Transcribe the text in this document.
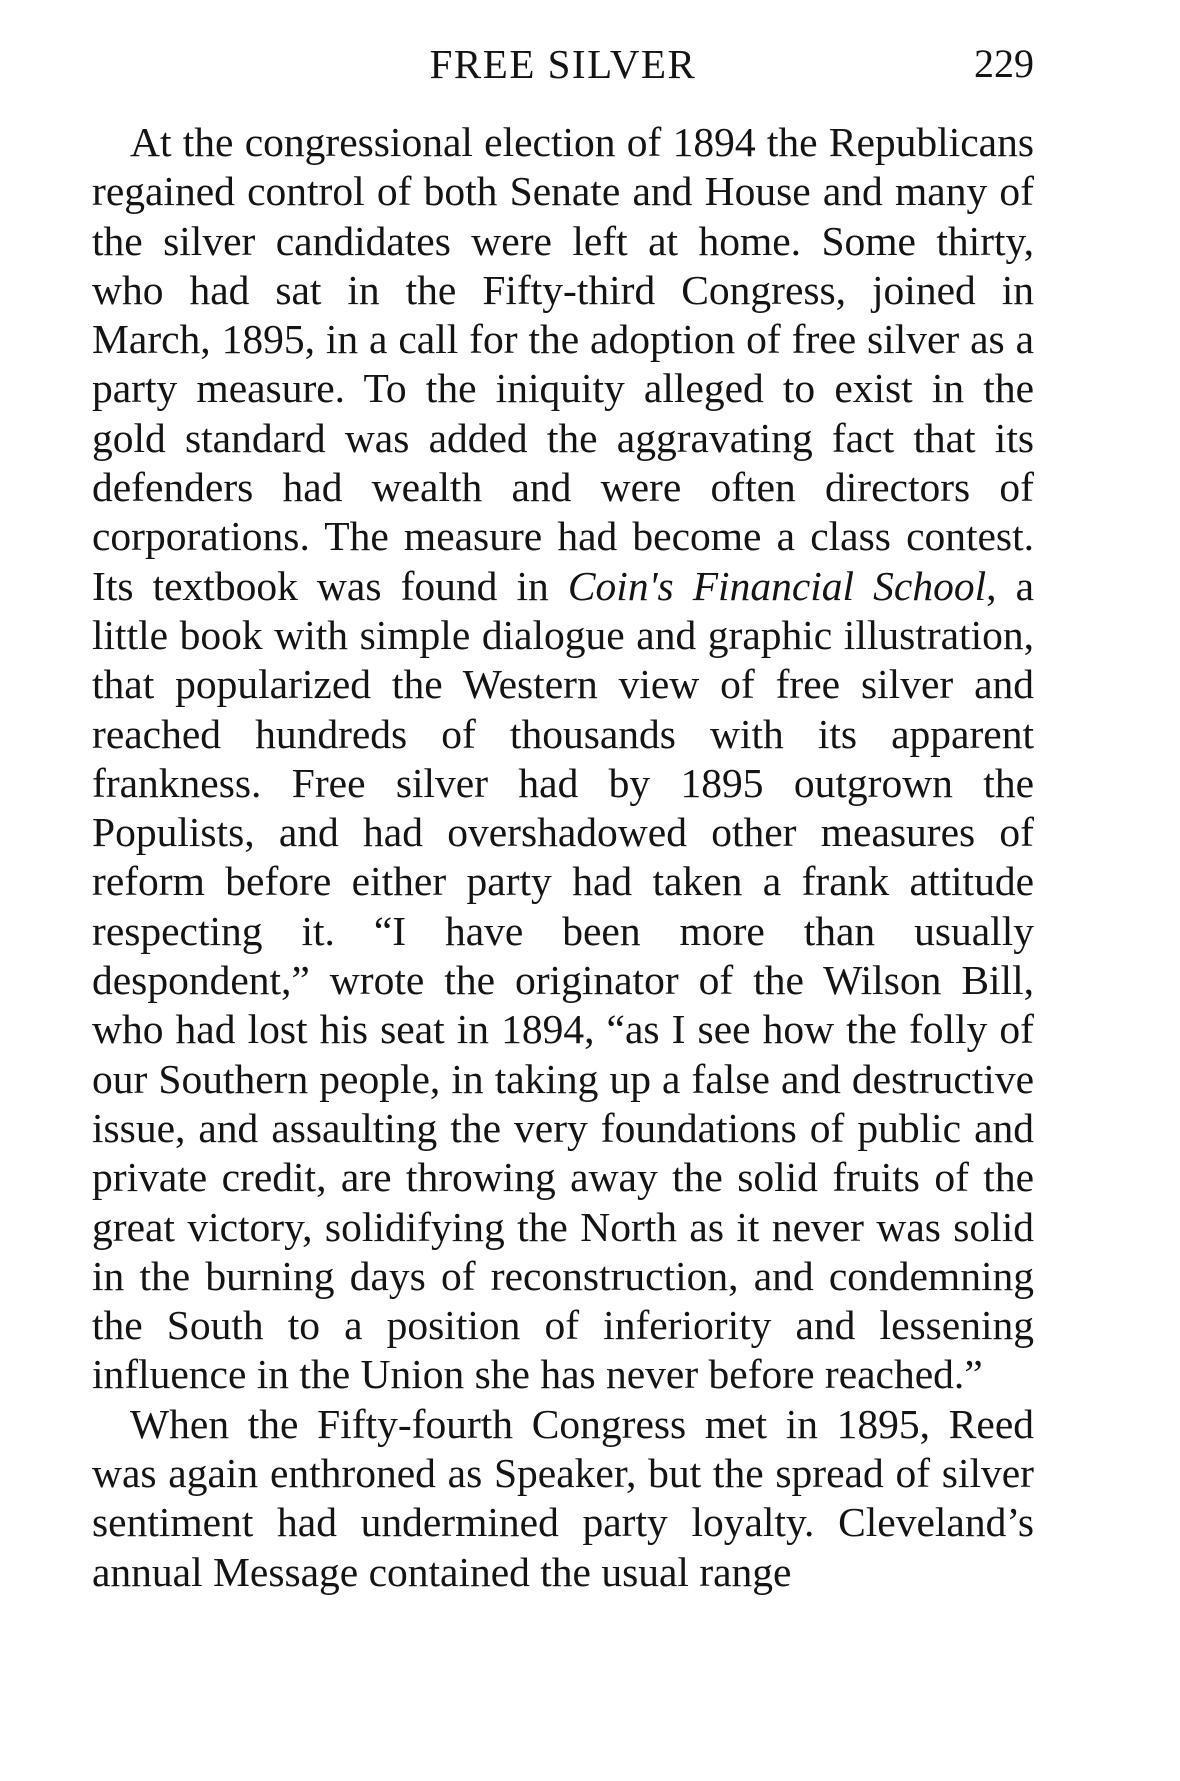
FREE SILVER	229

At the congressional election of 1894 the Republicans regained control of both Senate and House and many of the silver candidates were left at home. Some thirty, who had sat in the Fifty-third Congress, joined in March, 1895, in a call for the adoption of free silver as a party measure. To the iniquity alleged to exist in the gold standard was added the aggravating fact that its defenders had wealth and were often directors of corporations. The measure had become a class contest. Its textbook was found in Coin's Financial School, a little book with simple dialogue and graphic illustration, that popularized the Western view of free silver and reached hundreds of thousands with its apparent frankness. Free silver had by 1895 outgrown the Populists, and had overshadowed other measures of reform before either party had taken a frank attitude respecting it. “I have been more than usually despondent,” wrote the originator of the Wilson Bill, who had lost his seat in 1894, “as I see how the folly of our Southern people, in taking up a false and destructive issue, and assaulting the very foundations of public and private credit, are throwing away the solid fruits of the great victory, solidifying the North as it never was solid in the burning days of reconstruction, and condemning the South to a position of inferiority and lessening influence in the Union she has never before reached.”

When the Fifty-fourth Congress met in 1895, Reed was again enthroned as Speaker, but the spread of silver sentiment had undermined party loyalty. Cleveland’s annual Message contained the usual range
